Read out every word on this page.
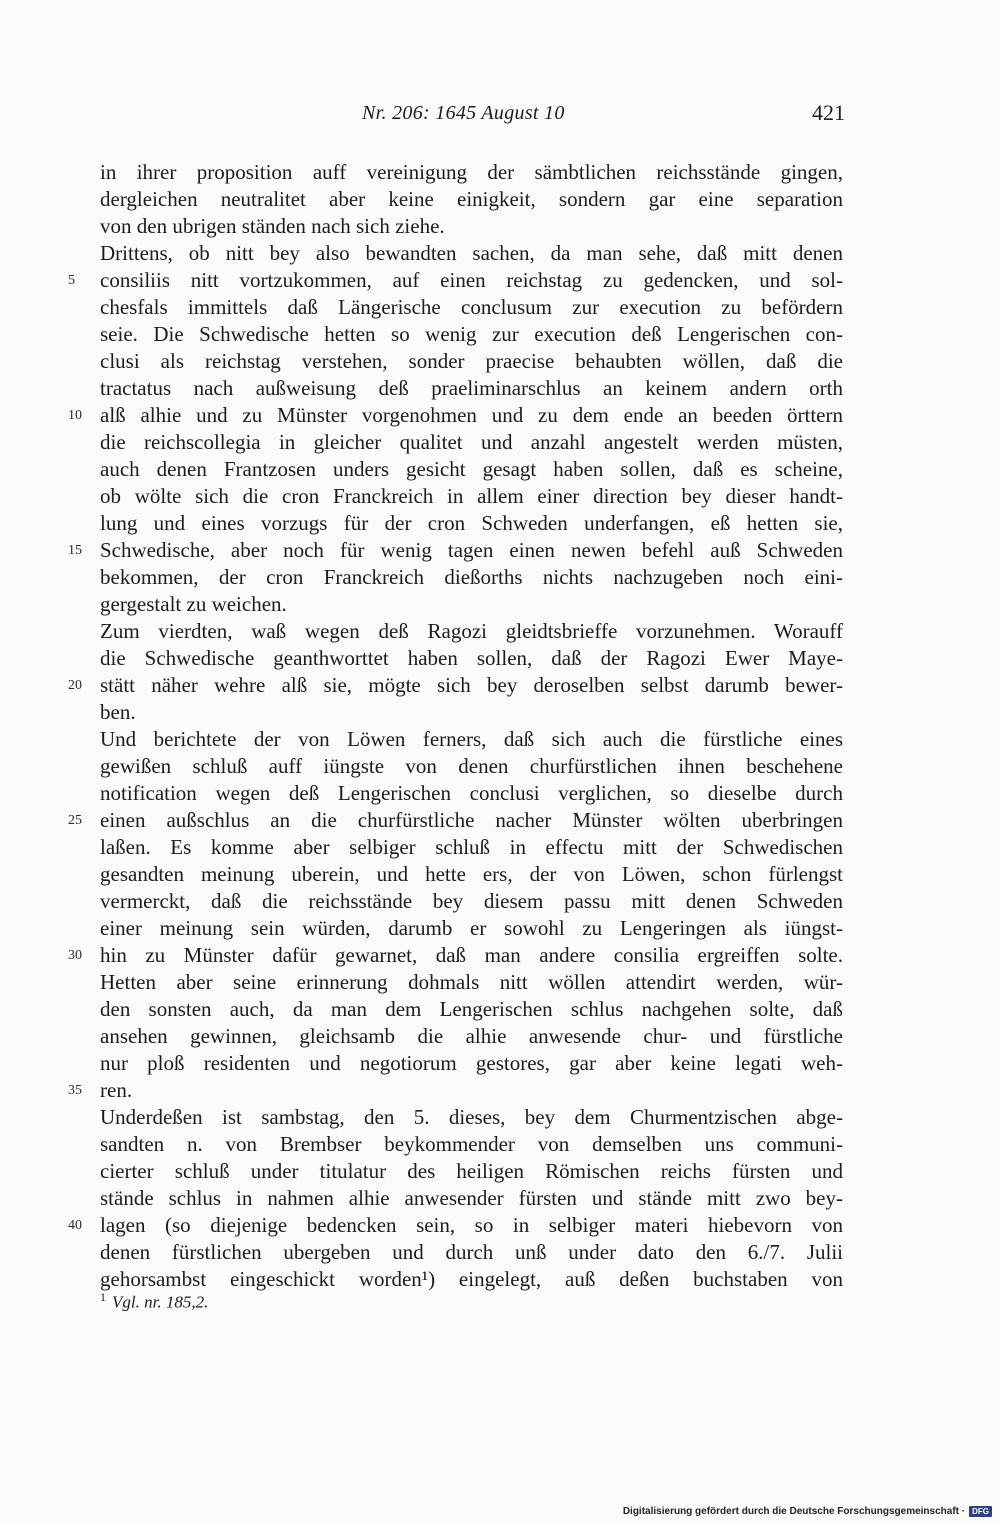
Nr. 206: 1645 August 10	421
in ihrer proposition auff vereinigung der sämbtlichen reichsstände gingen,
dergleichen neutralitet aber keine einigkeit, sondern gar eine separation
von den ubrigen ständen nach sich ziehe.
Drittens, ob nitt bey also bewandten sachen, da man sehe, daß mitt denen
5	consiliis nitt vortzukommen, auf einen reichstag zu gedencken, und sol-
chesfals immittels daß Längerische conclusum zur execution zu befördern
seie. Die Schwedische hetten so wenig zur execution deß Lengerischen con-
clusi als reichstag verstehen, sonder praecise behaubten wöllen, daß die
tractatus nach außweisung deß praeliminarschlus an keinem andern orth
10 alß alhie und zu Münster vorgenohmen und zu dem ende an beeden örttern
die reichscollegia in gleicher qualitet und anzahl angestelt werden müsten,
auch denen Frantzosen unders gesicht gesagt haben sollen, daß es scheine,
ob wölte sich die cron Franckreich in allem einer direction bey dieser handt-
lung und eines vorzugs für der cron Schweden underfangen, eß hetten sie,
15 Schwedische, aber noch für wenig tagen einen newen befehl auß Schweden
bekommen, der cron Franckreich dießorths nichts nachzugeben noch eini-
gergestalt zu weichen.
Zum vierdten, waß wegen deß Ragozi gleidtsbrieffe vorzunehmen. Worauff
die Schwedische geanthworttet haben sollen, daß der Ragozi Ewer Maye-
20 stätt näher wehre alß sie, mögte sich bey deroselben selbst darumb bewer-
ben.
Und berichtete der von Löwen ferners, daß sich auch die fürstliche eines
gewißen schluß auff iüngste von denen churfürstlichen ihnen beschehene
notification wegen deß Lengerischen conclusi verglichen, so dieselbe durch
25 einen außschlus an die churfürstliche nacher Münster wölten uberbringen
laßen. Es komme aber selbiger schluß in effectu mitt der Schwedischen
gesandten meinung uberein, und hette ers, der von Löwen, schon fürlengst
vermerckt, daß die reichsstände bey diesem passu mitt denen Schweden
einer meinung sein würden, darumb er sowohl zu Lengeringen als iüngst-
30 hin zu Münster dafür gewarnet, daß man andere consilia ergreiffen solte.
Hetten aber seine erinnerung dohmals nitt wöllen attendirt werden, wür-
den sonsten auch, da man dem Lengerischen schlus nachgehen solte, daß
ansehen gewinnen, gleichsamb die alhie anwesende chur- und fürstliche
nur ploß residenten und negotiorum gestores, gar aber keine legati weh-
35 ren.
Underdeßen ist sambstag, den 5. dieses, bey dem Churmentzischen abge-
sandten n. von Brembser beykommender von demselben uns communi-
cierter schluß under titulatur des heiligen Römischen reichs fürsten und
stände schlus in nahmen alhie anwesender fürsten und stände mitt zwo bey-
40 lagen (so diejenige bedencken sein, so in selbiger materi hiebevorn von
denen fürstlichen ubergeben und durch unß under dato den 6./7. Julii
gehorsambst eingeschickt worden¹) eingelegt, auß deßen buchstaben von
$^1$ Vgl. nr. 185,2.
Digitalisierung gefördert durch die Deutsche Forschungsgemeinschaft · DFG
